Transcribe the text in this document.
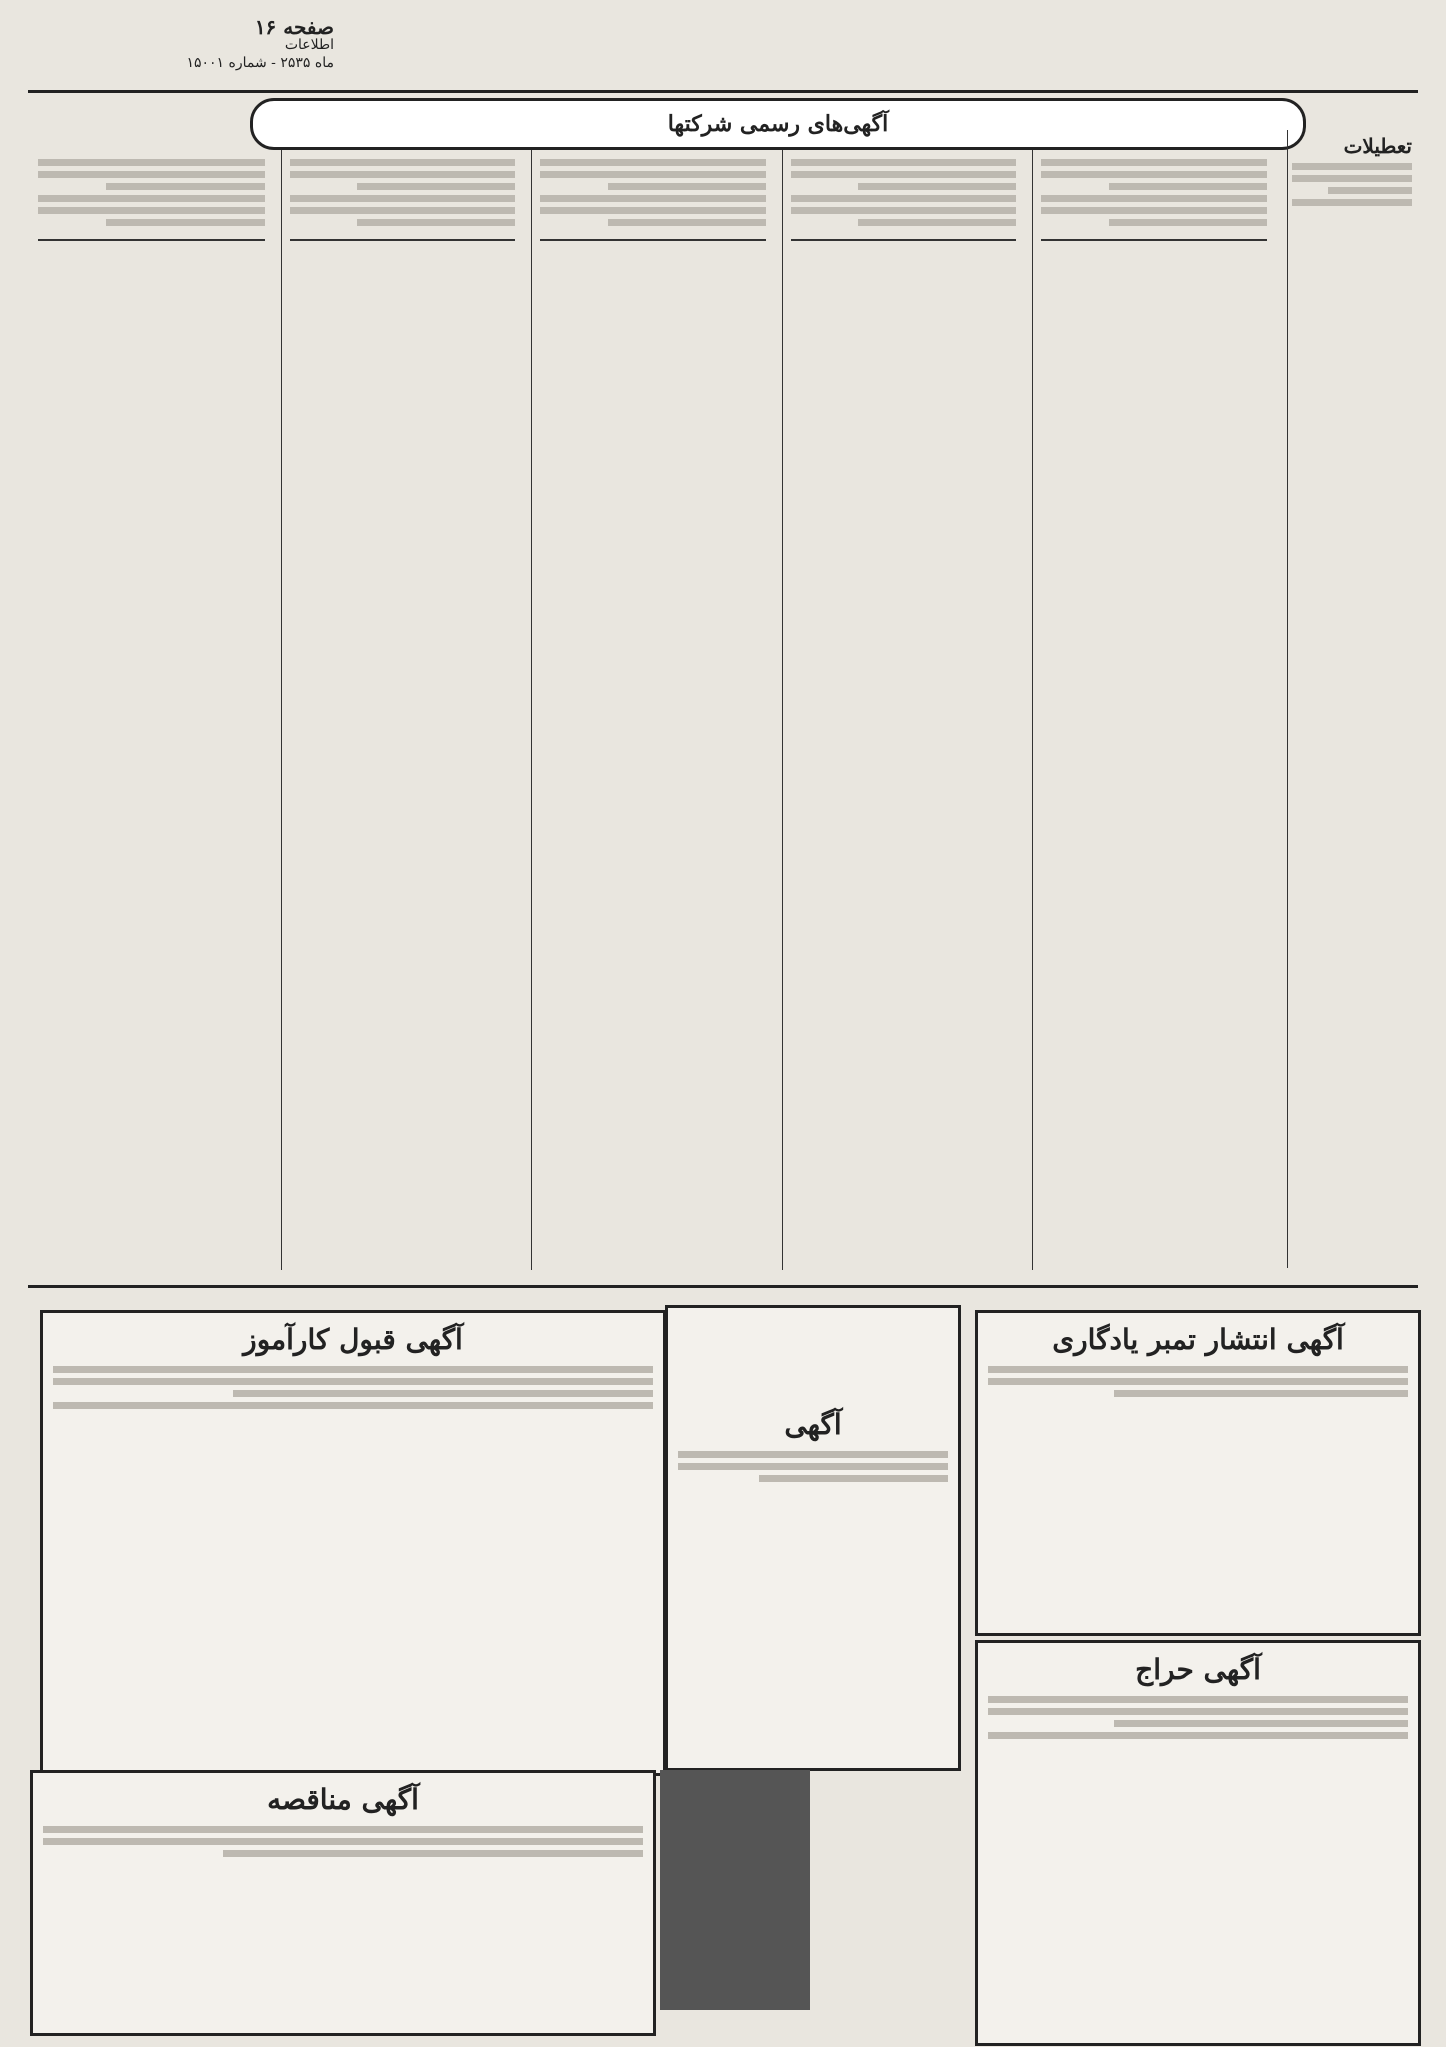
صفحه ۱۶
اطلاعات
ماه ۲۵۳۵ - شماره ۱۵۰۰۱
آگهی‌های رسمی شرکتها
تعطیلات
آگهی قبول کارآموز
آگهی
آگهی انتشار تمبر یادگاری
آگهی حراج
آگهی مناقصه
